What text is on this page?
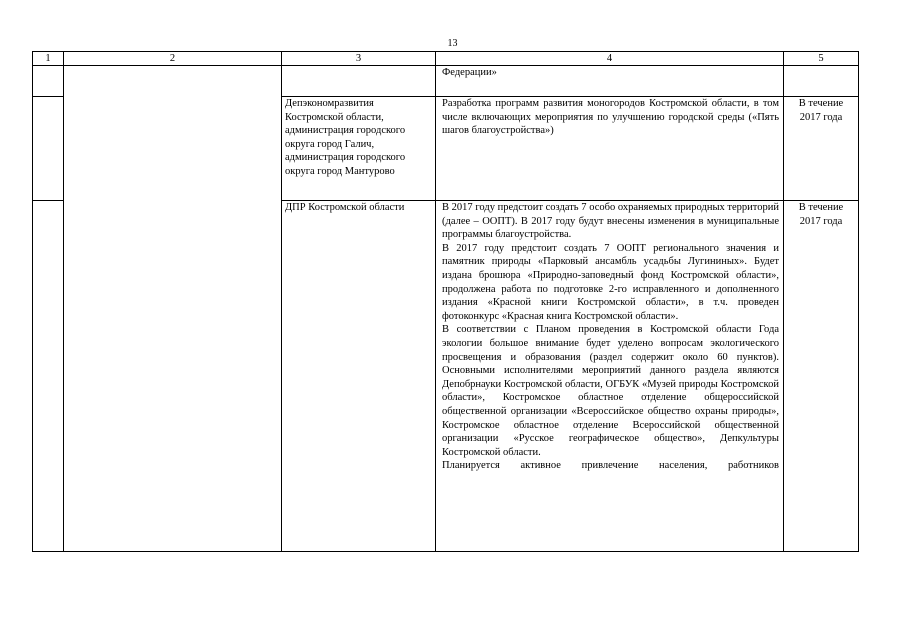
13
1	2	3	4	5

			Федерации»	

		Депэкономразвития Костромской области, администрация городского округа город Галич, администрация городского округа город Мантурово	Разработка программ развития моногородов Костромской области, в том числе включающих мероприятия по улучшению городской среды («Пять шагов благоустройства»)	В течение 2017 года
		ДПР Костромской области	В 2017 году предстоит создать 7 особо охраняемых природных территорий (далее – ООПТ). В 2017 году будут внесены изменения в муниципальные программы благоустройства.

В 2017 году предстоит создать 7 ООПТ регионального значения и памятник природы «Парковый ансамбль усадьбы Лугининых». Будет издана брошюра «Природно-заповедный фонд Костромской области», продолжена работа по подготовке 2-го исправленного и дополненного издания «Красной книги Костромской области», в т.ч. проведен фотоконкурс «Красная книга Костромской области».

В соответствии с Планом проведения в Костромской области Года экологии большое внимание будет уделено вопросам экологического просвещения и образования (раздел содержит около 60 пунктов). Основными исполнителями мероприятий данного раздела являются Депобрнауки Костромской области, ОГБУК «Музей природы Костромской области», Костромское областное отделение общероссийской общественной организации «Всероссийское общество охраны природы», Костромское областное отделение Всероссийской общественной организации «Русское географическое общество», Депкультуры Костромской области.

Планируется активное привлечение населения, работников	В течение 2017 года
